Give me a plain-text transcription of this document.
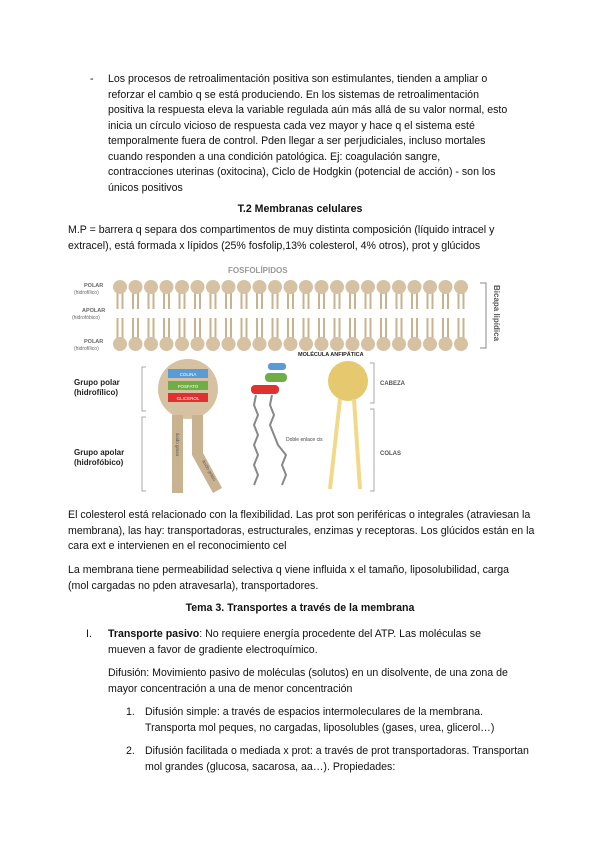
- Los procesos de retroalimentación positiva son estimulantes, tienden a ampliar o reforzar el cambio q se está produciendo. En los sistemas de retroalimentación positiva la respuesta eleva la variable regulada aún más allá de su valor normal, esto inicia un círculo vicioso de respuesta cada vez mayor y hace q el sistema esté temporalmente fuera de control. Pden llegar a ser perjudiciales, incluso mortales cuando responden a una condición patológica. Ej: coagulación sangre, contracciones uterinas (oxitocina), Ciclo de Hodgkin (potencial de acción) - son los únicos positivos

T.2 Membranas celulares

M.P = barrera q separa dos compartimentos de muy distinta composición (líquido intracel y extracel), está formada x lípidos (25% fosfolip,13% colesterol, 4% otros), prot y glúcidos

FOSFOLÍPIDOS
Bicapa lipídica
POLAR
(hidrofílico)
APOLAR
(hidrofóbico)
POLAR
(hidrofílico)
Grupo polar
(hidrofílico)
Grupo apolar
(hidrofóbico)
COLINA
FOSFATO
GLICEROL
ácido graso
ácido graso
MOLÉCULA ANFIPÁTICA
Doble enlace cis
CABEZA
COLAS

El colesterol está relacionado con la flexibilidad. Las prot son periféricas o integrales (atraviesan la membrana), las hay: transportadoras, estructurales, enzimas y receptoras. Los glúcidos están en la cara ext e intervienen en el reconocimiento cel

La membrana tiene permeabilidad selectiva q viene influida x el tamaño, liposolubilidad, carga (mol cargadas no pden atravesarla), transportadores.

Tema 3. Transportes a través de la membrana
I. Transporte pasivo: No requiere energía procedente del ATP. Las moléculas se mueven a favor de gradiente electroquímico.

Difusión: Movimiento pasivo de moléculas (solutos) en un disolvente, de una zona de mayor concentración a una de menor concentración

1. Difusión simple: a través de espacios intermoleculares de la membrana. Transporta mol peques, no cargadas, liposolubles (gases, urea, glicerol…)

2. Difusión facilitada o mediada x prot: a través de prot transportadoras. Transportan mol grandes (glucosa, sacarosa, aa…). Propiedades:
